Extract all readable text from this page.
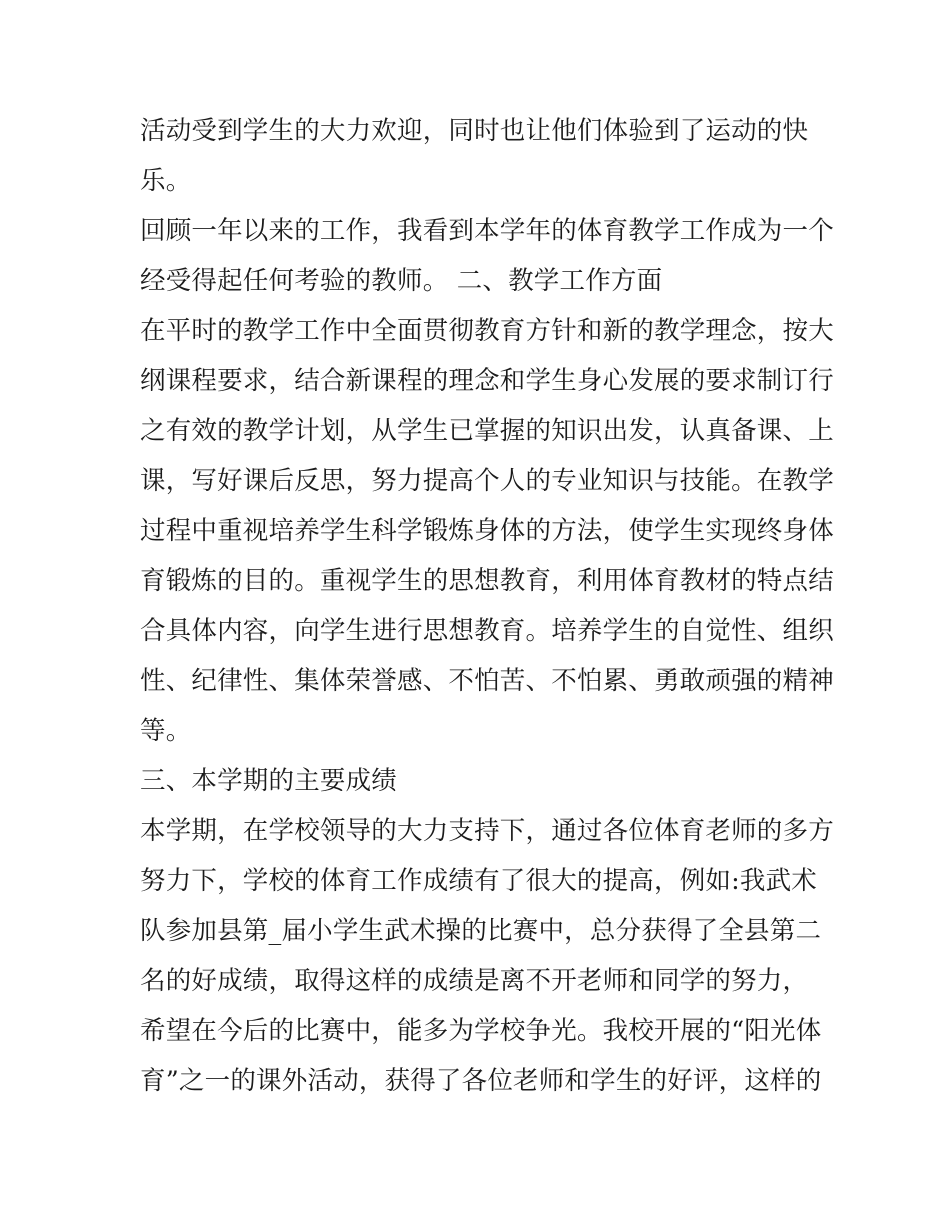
活动受到学生的大力欢迎，同时也让他们体验到了运动的快
乐。
回顾一年以来的工作，我看到本学年的体育教学工作成为一个
经受得起任何考验的教师。 二、教学工作方面
在平时的教学工作中全面贯彻教育方针和新的教学理念，按大
纲课程要求，结合新课程的理念和学生身心发展的要求制订行
之有效的教学计划，从学生已掌握的知识出发，认真备课、上
课，写好课后反思，努力提高个人的专业知识与技能。在教学
过程中重视培养学生科学锻炼身体的方法，使学生实现终身体
育锻炼的目的。重视学生的思想教育，利用体育教材的特点结
合具体内容，向学生进行思想教育。培养学生的自觉性、组织
性、纪律性、集体荣誉感、不怕苦、不怕累、勇敢顽强的精神
等。
三、本学期的主要成绩
本学期，在学校领导的大力支持下，通过各位体育老师的多方
努力下，学校的体育工作成绩有了很大的提高，例如:我武术
队参加县第_届小学生武术操的比赛中，总分获得了全县第二
名的好成绩，取得这样的成绩是离不开老师和同学的努力，
希望在今后的比赛中，能多为学校争光。我校开展的“阳光体
育”之一的课外活动，获得了各位老师和学生的好评，这样的
